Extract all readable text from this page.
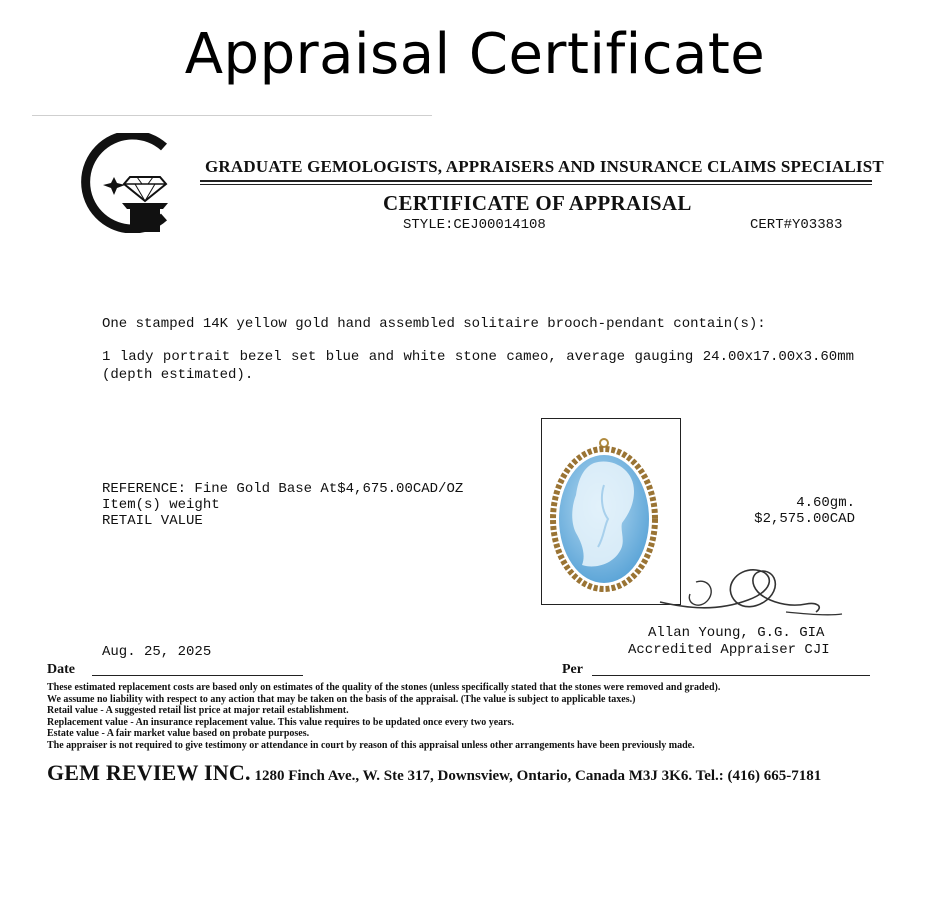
Appraisal Certificate
GRADUATE GEMOLOGISTS, APPRAISERS AND INSURANCE CLAIMS SPECIALIST
CERTIFICATE OF APPRAISAL
STYLE:CEJ00014108	CERT#Y03383
One stamped 14K yellow gold hand assembled solitaire brooch-pendant contain(s):
1 lady portrait bezel set blue and white stone cameo, average gauging 24.00x17.00x3.60mm (depth estimated).
REFERENCE: Fine Gold Base At$4,675.00CAD/OZ
Item(s) weight
RETAIL VALUE
4.60gm.
$2,575.00CAD
Allan Young, G.G. GIA
Accredited Appraiser CJI
Aug. 25, 2025
Date	Per
These estimated replacement costs are based only on estimates of the quality of the stones (unless specifically stated that the stones were removed and graded).
We assume no liability with respect to any action that may be taken on the basis of the appraisal. (The value is subject to applicable taxes.)
Retail value - A suggested retail list price at major retail establishment.
Replacement value - An insurance replacement value. This value requires to be updated once every two years.
Estate value - A fair market value based on probate purposes.
The appraiser is not required to give testimony or attendance in court by reason of this appraisal unless other arrangements have been previously made.
GEM REVIEW INC. 1280 Finch Ave., W. Ste 317, Downsview, Ontario, Canada M3J 3K6. Tel.: (416) 665-7181
